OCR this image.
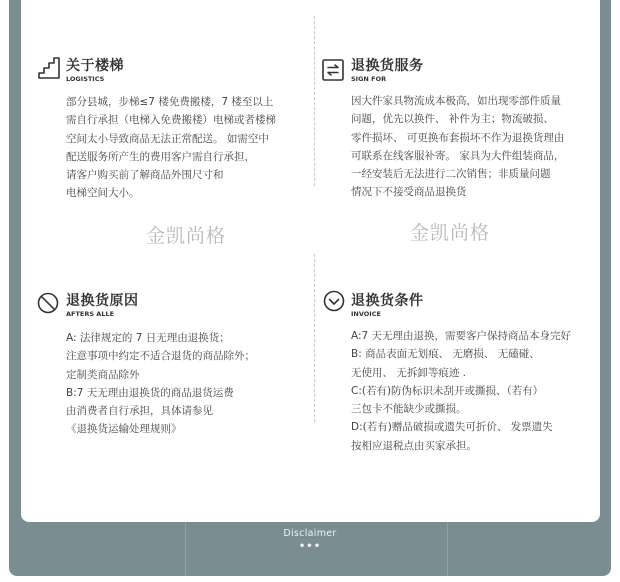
关于楼梯
LOGISTICS
部分县城，步梯≤7 楼免费搬楼，7 楼至以上
需自行承担（电梯入免费搬楼）电梯或者楼梯
空间太小导致商品无法正常配送。 如需空中
配送服务所产生的费用客户需自行承担，
请客户购买前了解商品外围尺寸和
电梯空间大小。
退换货服务
SIGN FOR
因大件家具物流成本极高，如出现零部件质量
问题，优先以换件、 补件为主；物流破损、
零件损坏、 可更换布套损坏不作为退换货理由
可联系在线客服补寄。 家具为大件组装商品，
一经安装后无法进行二次销售；非质量问题
情况下不接受商品退换货
金凯尚格	金凯尚格
退换货原因
AFTERS ALLE
A: 法律规定的 7 日无理由退换货；
注意事项中约定不适合退货的商品除外；
定制类商品除外
B:7 天无理由退换货的商品退货运费
由消费者自行承担，具体请参见
《退换货运输处理规则》
退换货条件
INVOICE
A:7 天无理由退换，需要客户保持商品本身完好
B: 商品表面无划痕、 无磨损、 无磕碰、
无使用、 无拆卸等痕迹 .
C:(若有)防伪标识未刮开或撕损、（若有）
三包卡不能缺少或撕损。
D:(若有)赠品破损或遗失可折价、 发票遗失
按相应退税点由买家承担。
Disclaimer
•••
